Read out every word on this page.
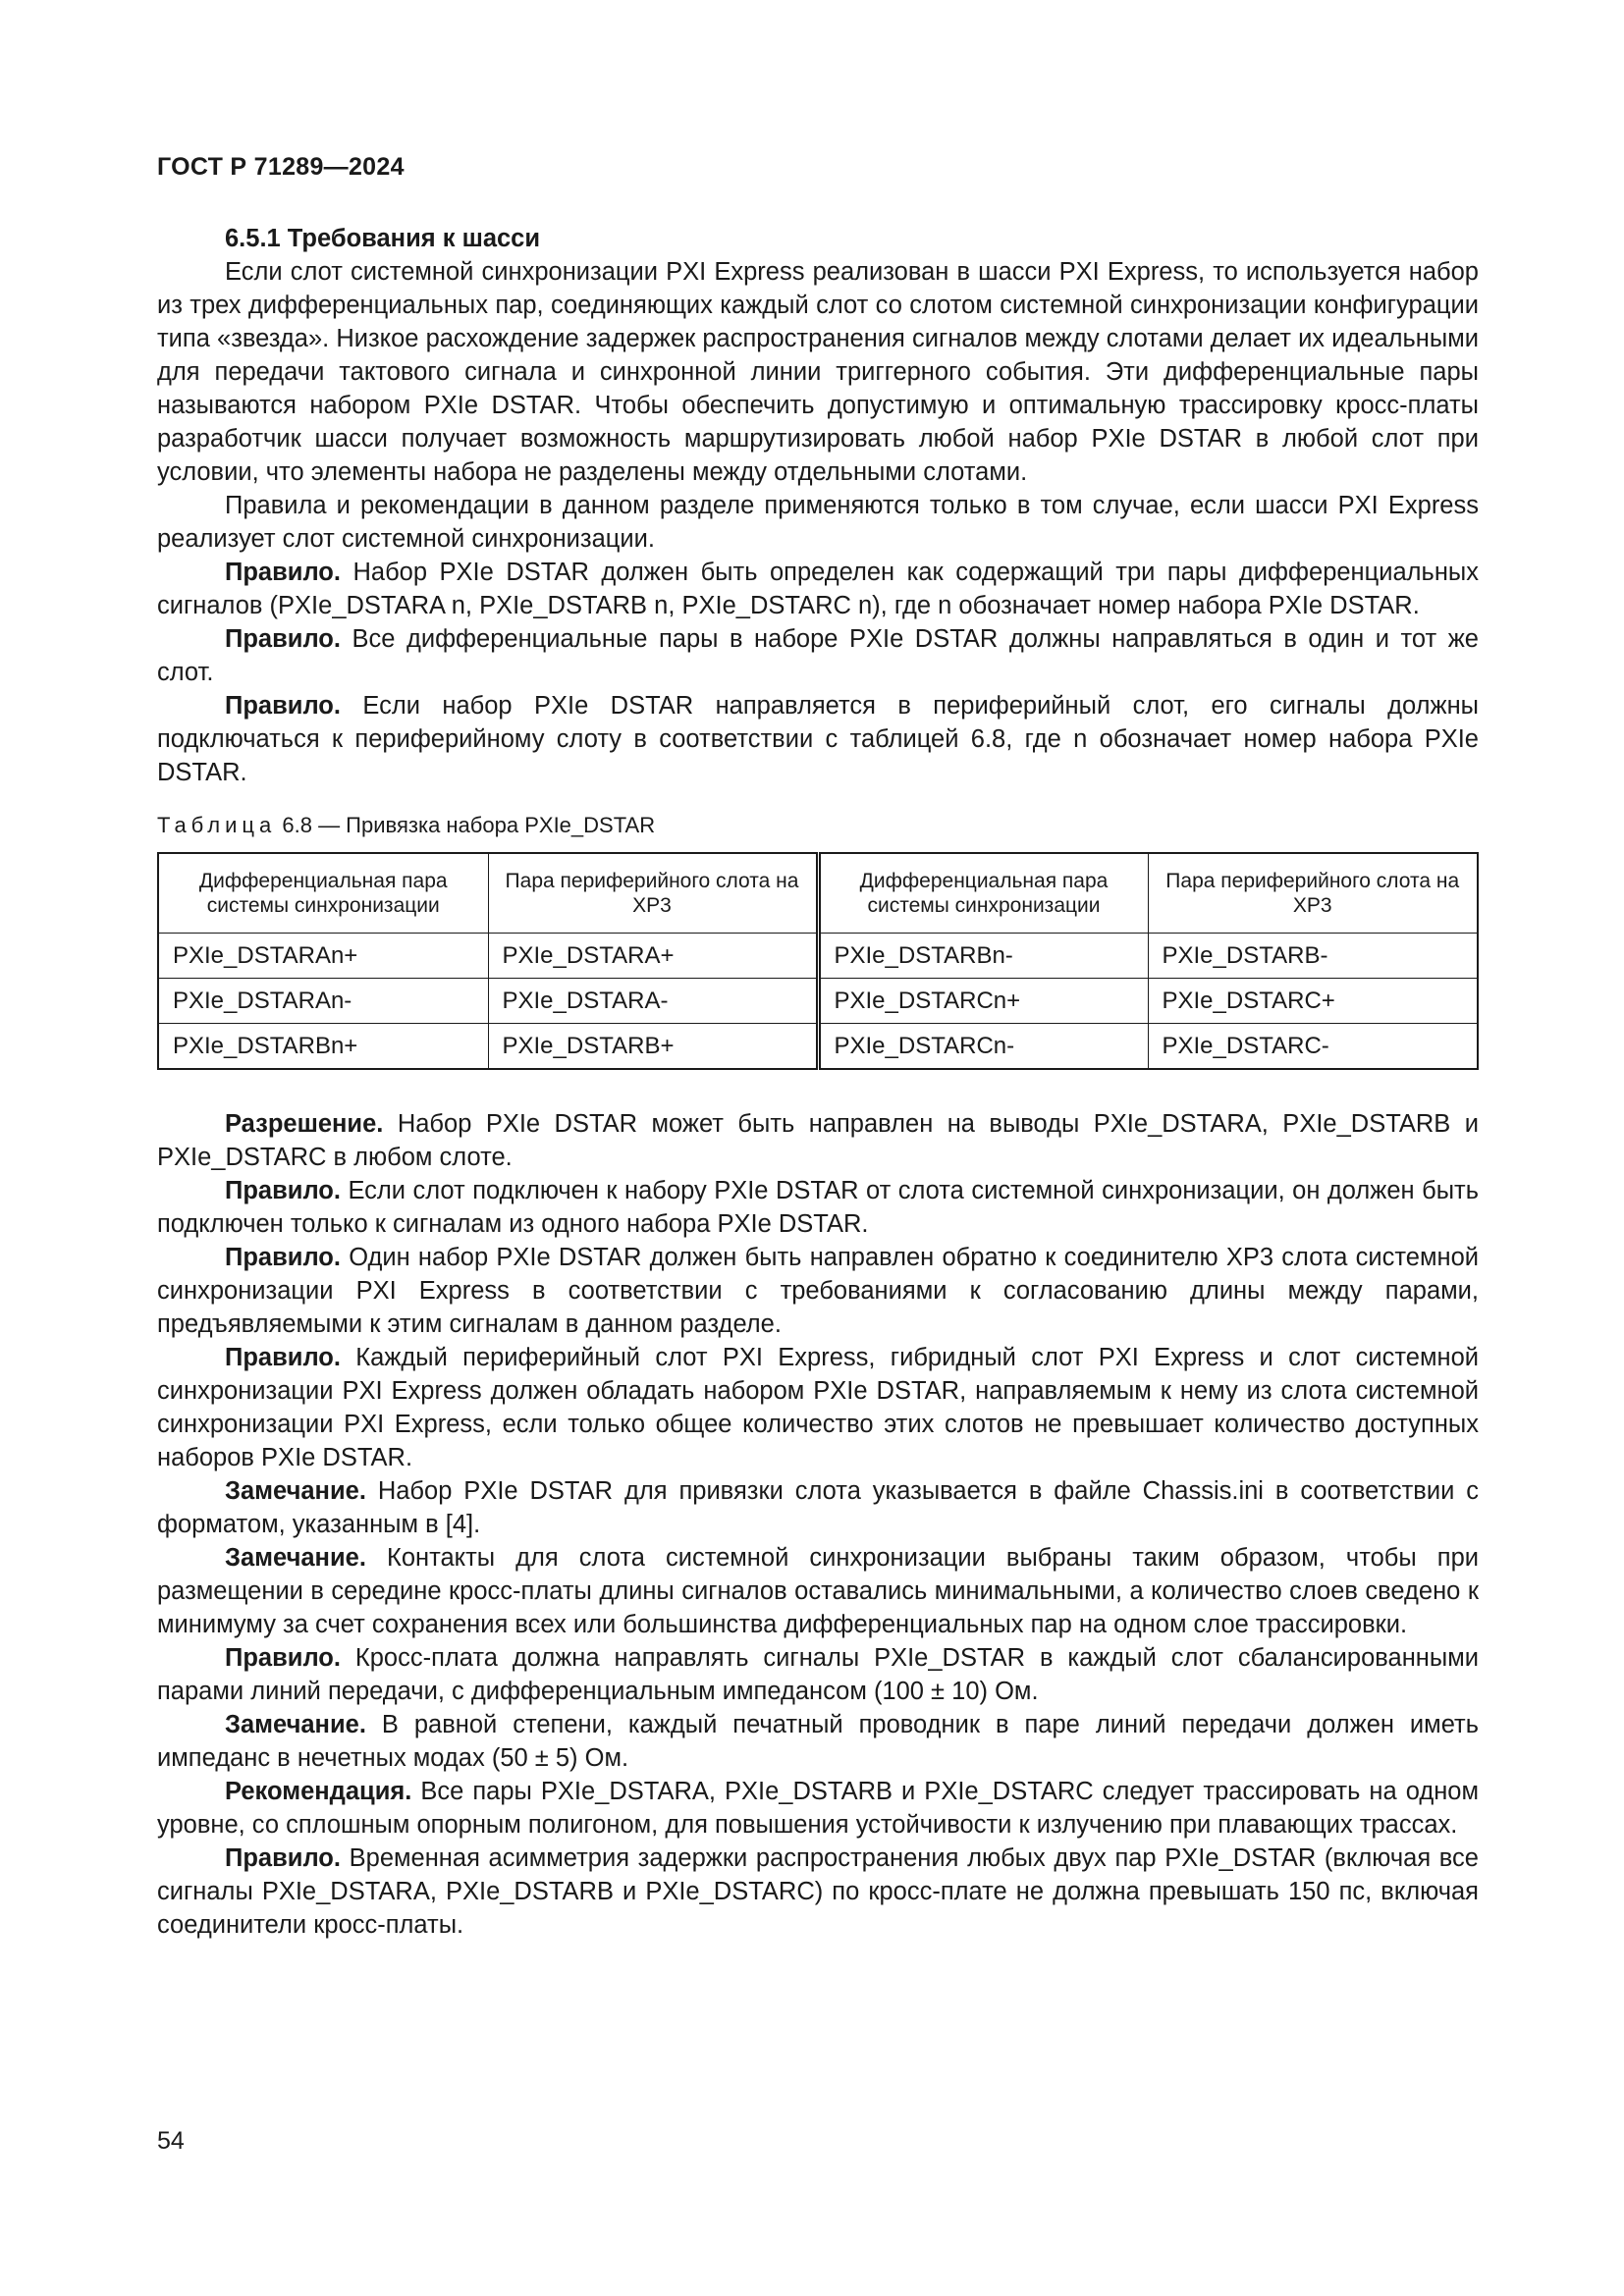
ГОСТ Р 71289—2024
6.5.1 Требования к шасси

Если слот системной синхронизации PXI Express реализован в шасси PXI Express, то используется набор из трех дифференциальных пар, соединяющих каждый слот со слотом системной синхронизации конфигурации типа «звезда». Низкое расхождение задержек распространения сигналов между слотами делает их идеальными для передачи тактового сигнала и синхронной линии триггерного события. Эти дифференциальные пары называются набором PXIe DSTAR. Чтобы обеспечить допустимую и оптимальную трассировку кросс-платы разработчик шасси получает возможность маршрутизировать любой набор PXIe DSTAR в любой слот при условии, что элементы набора не разделены между отдельными слотами.

Правила и рекомендации в данном разделе применяются только в том случае, если шасси PXI Express реализует слот системной синхронизации.

Правило. Набор PXIe DSTAR должен быть определен как содержащий три пары дифференциальных сигналов (PXIe_DSTARA n, PXIe_DSTARB n, PXIe_DSTARC n), где n обозначает номер набора PXIe DSTAR.

Правило. Все дифференциальные пары в наборе PXIe DSTAR должны направляться в один и тот же слот.

Правило. Если набор PXIe DSTAR направляется в периферийный слот, его сигналы должны подключаться к периферийному слоту в соответствии с таблицей 6.8, где n обозначает номер набора PXIe DSTAR.

Таблица 6.8 — Привязка набора PXIe_DSTAR
Дифференциальная пара системы синхронизации	Пара периферийного слота на XP3	Дифференциальная пара системы синхронизации	Пара периферийного слота на XP3
PXIe_DSTARAn+	PXIe_DSTARA+	PXIe_DSTARBn-	PXIe_DSTARB-
PXIe_DSTARAn-	PXIe_DSTARA-	PXIe_DSTARCn+	PXIe_DSTARC+
PXIe_DSTARBn+	PXIe_DSTARB+	PXIe_DSTARCn-	PXIe_DSTARC-

Разрешение. Набор PXIe DSTAR может быть направлен на выводы PXIe_DSTARA, PXIe_DSTARB и PXIe_DSTARC в любом слоте.

Правило. Если слот подключен к набору PXIe DSTAR от слота системной синхронизации, он должен быть подключен только к сигналам из одного набора PXIe DSTAR.

Правило. Один набор PXIe DSTAR должен быть направлен обратно к соединителю XP3 слота системной синхронизации PXI Express в соответствии с требованиями к согласованию длины между парами, предъявляемыми к этим сигналам в данном разделе.

Правило. Каждый периферийный слот PXI Express, гибридный слот PXI Express и слот системной синхронизации PXI Express должен обладать набором PXIe DSTAR, направляемым к нему из слота системной синхронизации PXI Express, если только общее количество этих слотов не превышает количество доступных наборов PXIe DSTAR.

Замечание. Набор PXIe DSTAR для привязки слота указывается в файле Chassis.ini в соответствии с форматом, указанным в [4].

Замечание. Контакты для слота системной синхронизации выбраны таким образом, чтобы при размещении в середине кросс-платы длины сигналов оставались минимальными, а количество слоев сведено к минимуму за счет сохранения всех или большинства дифференциальных пар на одном слое трассировки.

Правило. Кросс-плата должна направлять сигналы PXIe_DSTAR в каждый слот сбалансированными парами линий передачи, с дифференциальным импедансом (100 ± 10) Ом.

Замечание. В равной степени, каждый печатный проводник в паре линий передачи должен иметь импеданс в нечетных модах (50 ± 5) Ом.

Рекомендация. Все пары PXIe_DSTARA, PXIe_DSTARB и PXIe_DSTARC следует трассировать на одном уровне, со сплошным опорным полигоном, для повышения устойчивости к излучению при плавающих трассах.

Правило. Временная асимметрия задержки распространения любых двух пар PXIe_DSTAR (включая все сигналы PXIe_DSTARA, PXIe_DSTARB и PXIe_DSTARC) по кросс-плате не должна превышать 150 пс, включая соединители кросс-платы.

54
